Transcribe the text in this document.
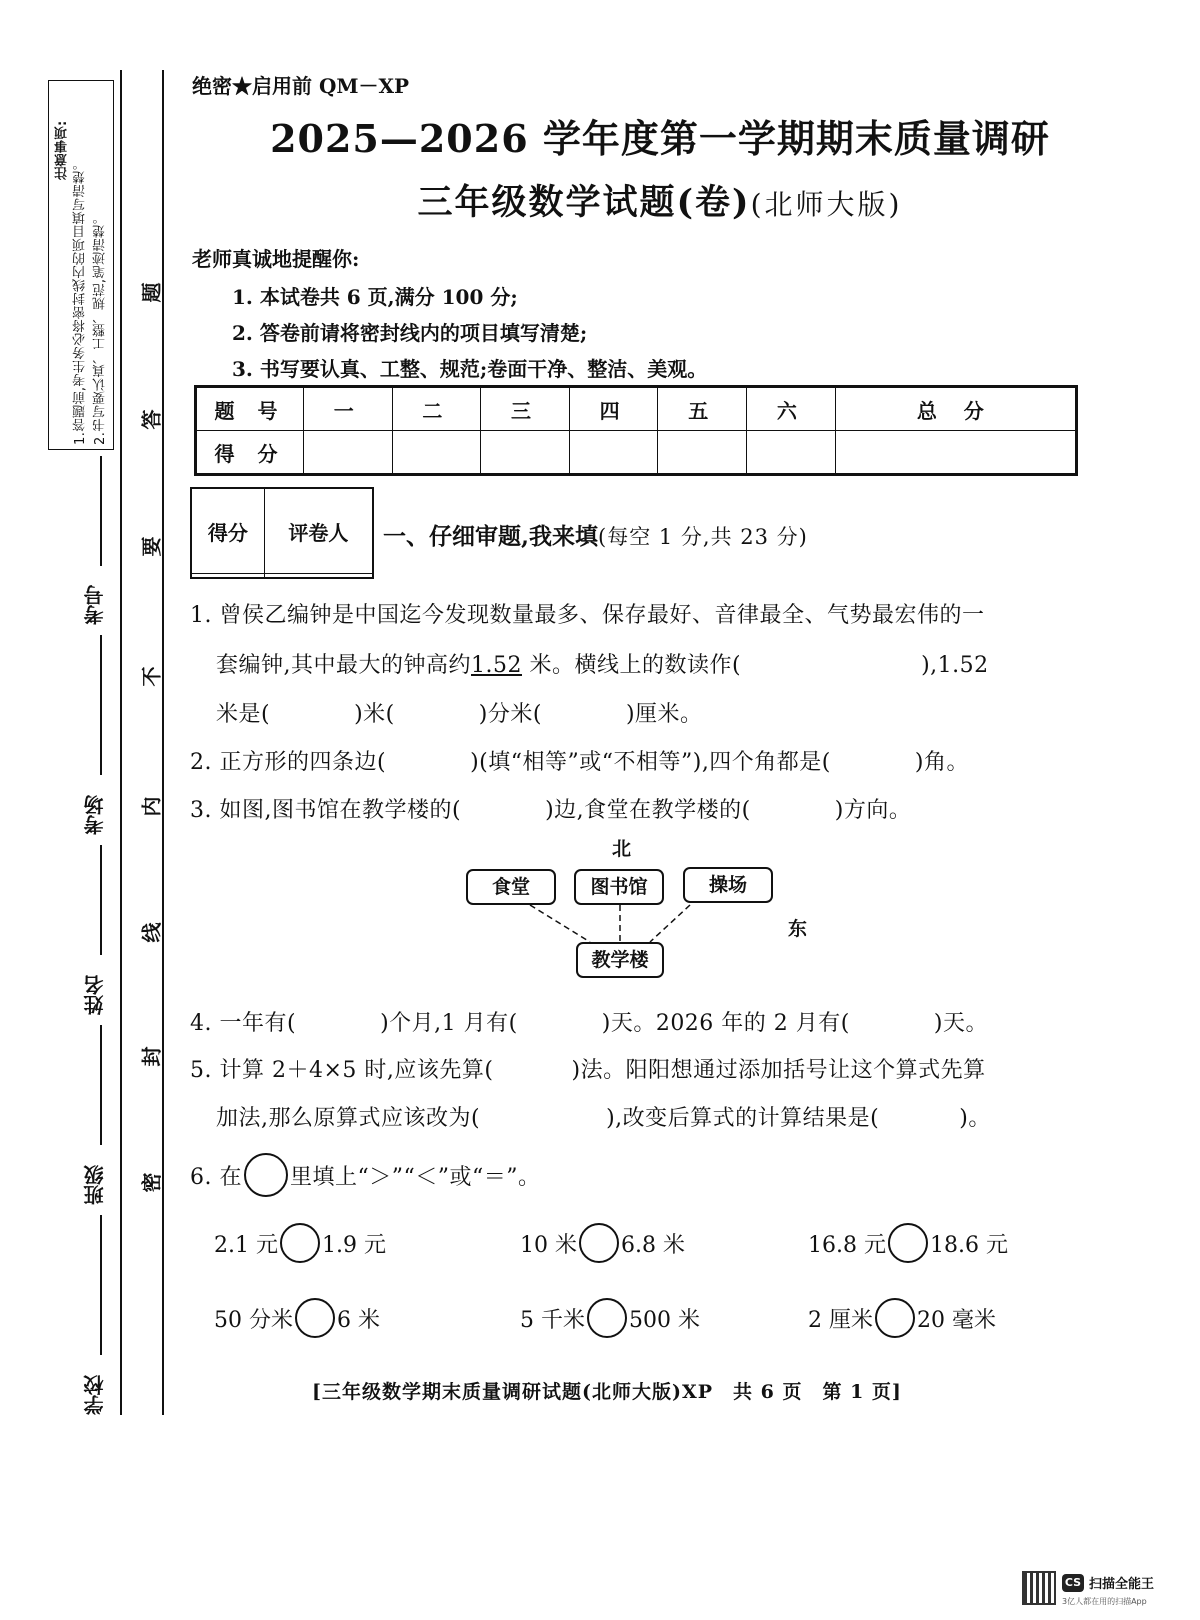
注意事项:
1.答题前,考生务必将密封线内的项目填写清楚。 2.书写要认真、工整、规范,笔迹清楚。 题
答
要
不
内
线
封
密
考号
考场
姓名
班级
学校
绝密★启用前 QM－XP
2025—2026 学年度第一学期期末质量调研
三年级数学试题(卷)(北师大版)
老师真诚地提醒你:
1. 本试卷共 6 页,满分 100 分;
2. 答卷前请将密封线内的项目填写清楚;
3. 书写要认真、工整、规范;卷面干净、整洁、美观。
题 号	一	二	三	四	五	六	总 分
得 分							
得分	评卷人
	一、仔细审题,我来填(每空 1 分,共 23 分)
1. 曾侯乙编钟是中国迄今发现数量最多、保存最好、音律最全、气势最宏伟的一
套编钟,其中最大的钟高约1.52 米。横线上的数读作(	),1.52
米是(	)米(	)分米(	)厘米。
2. 正方形的四条边(	)(填“相等”或“不相等”),四个角都是(	)角。
3. 如图,图书馆在教学楼的(	)边,食堂在教学楼的(	)方向。
北
东
食堂	图书馆	操场
教学楼
4. 一年有(	)个月,1 月有(	)天。2026 年的 2 月有(	)天。
5. 计算 2＋4×5 时,应该先算(	)法。阳阳想通过添加括号让这个算式先算
加法,那么原算式应该改为(	),改变后算式的计算结果是(	)。
6. 在 里填上“＞”“＜”或“＝”。
2.1 元 1.9 元	10 米 6.8 米	16.8 元 18.6 元
50 分米 6 米	5 千米 500 米	2 厘米 20 毫米
[三年级数学期末质量调研试题(北师大版)XP　共 6 页　第 1 页]
CS 扫描全能王
3亿人都在用的扫描App
